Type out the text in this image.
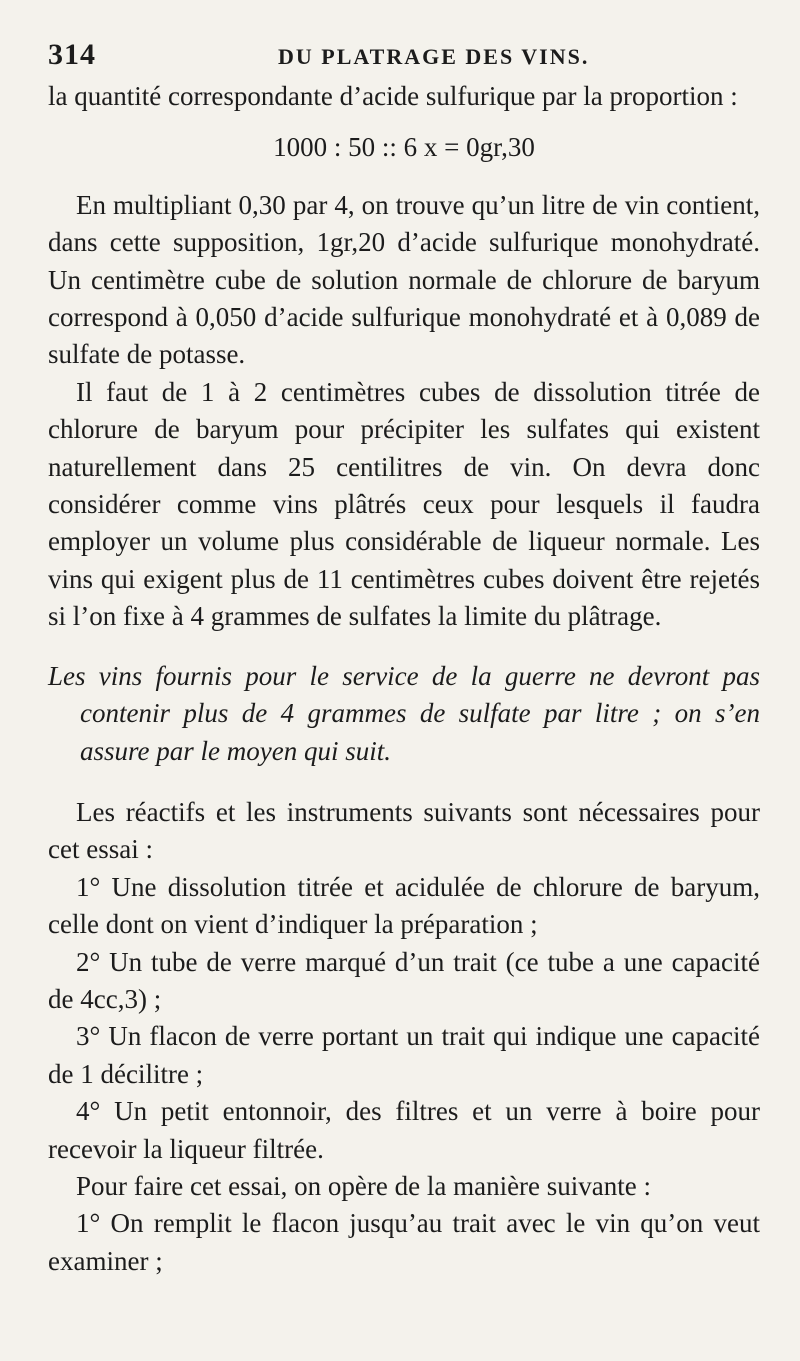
314	DU PLATRAGE DES VINS.

la quantité correspondante d’acide sulfurique par la proportion :

1000 : 50 :: 6 x = 0gr,30

En multipliant 0,30 par 4, on trouve qu’un litre de vin contient, dans cette supposition, 1gr,20 d’acide sulfurique monohydraté. Un centimètre cube de solution normale de chlorure de baryum correspond à 0,050 d’acide sulfurique monohydraté et à 0,089 de sulfate de potasse.

Il faut de 1 à 2 centimètres cubes de dissolution titrée de chlorure de baryum pour précipiter les sulfates qui existent naturellement dans 25 centilitres de vin. On devra donc considérer comme vins plâtrés ceux pour lesquels il faudra employer un volume plus considérable de liqueur normale. Les vins qui exigent plus de 11 centimètres cubes doivent être rejetés si l’on fixe à 4 grammes de sulfates la limite du plâtrage.

Les vins fournis pour le service de la guerre ne devront pas contenir plus de 4 grammes de sulfate par litre ; on s’en assure par le moyen qui suit.

Les réactifs et les instruments suivants sont nécessaires pour cet essai :

1° Une dissolution titrée et acidulée de chlorure de baryum, celle dont on vient d’indiquer la préparation ;

2° Un tube de verre marqué d’un trait (ce tube a une capacité de 4cc,3) ;

3° Un flacon de verre portant un trait qui indique une capacité de 1 décilitre ;

4° Un petit entonnoir, des filtres et un verre à boire pour recevoir la liqueur filtrée.

Pour faire cet essai, on opère de la manière suivante :

1° On remplit le flacon jusqu’au trait avec le vin qu’on veut examiner ;
